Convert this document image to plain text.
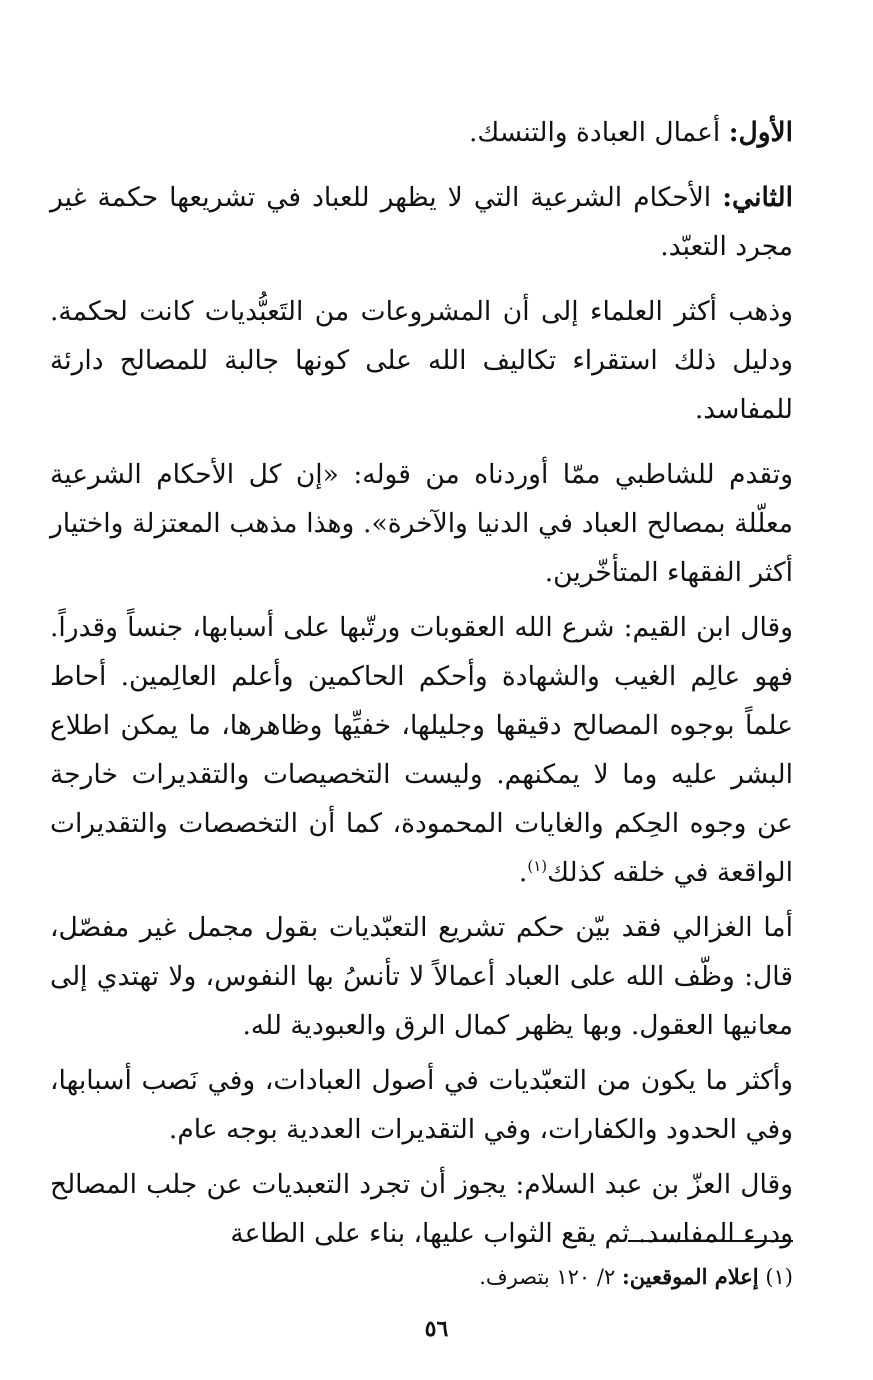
الأول: أعمال العبادة والتنسك.

الثاني: الأحكام الشرعية التي لا يظهر للعباد في تشريعها حكمة غير مجرد التعبّد.

وذهب أكثر العلماء إلى أن المشروعات من التَعبُّديات كانت لحكمة. ودليل ذلك استقراء تكاليف الله على كونها جالبة للمصالح دارئة للمفاسد.

وتقدم للشاطبي ممّا أوردناه من قوله: «إن كل الأحكام الشرعية معلّلة بمصالح العباد في الدنيا والآخرة». وهذا مذهب المعتزلة واختيار أكثر الفقهاء المتأخّرين.

وقال ابن القيم: شرع الله العقوبات ورتّبها على أسبابها، جنساً وقدراً. فهو عالِم الغيب والشهادة وأحكم الحاكمين وأعلم العالِمين. أحاط علماً بوجوه المصالح دقيقها وجليلها، خفيِّها وظاهرها، ما يمكن اطلاع البشر عليه وما لا يمكنهم. وليست التخصيصات والتقديرات خارجة عن وجوه الحِكم والغايات المحمودة، كما أن التخصصات والتقديرات الواقعة في خلقه كذلك$^{(١)}$.

أما الغزالي فقد بيّن حكم تشريع التعبّديات بقول مجمل غير مفصّل، قال: وظّف الله على العباد أعمالاً لا تأنسُ بها النفوس، ولا تهتدي إلى معانيها العقول. وبها يظهر كمال الرق والعبودية لله.

وأكثر ما يكون من التعبّديات في أصول العبادات، وفي نَصب أسبابها، وفي الحدود والكفارات، وفي التقديرات العددية بوجه عام.

وقال العزّ بن عبد السلام: يجوز أن تجرد التعبديات عن جلب المصالح ودرء المفاسد. ثم يقع الثواب عليها، بناء على الطاعة

(١) إعلام الموقعين: ٢/ ١٢٠ بتصرف.

٥٦
